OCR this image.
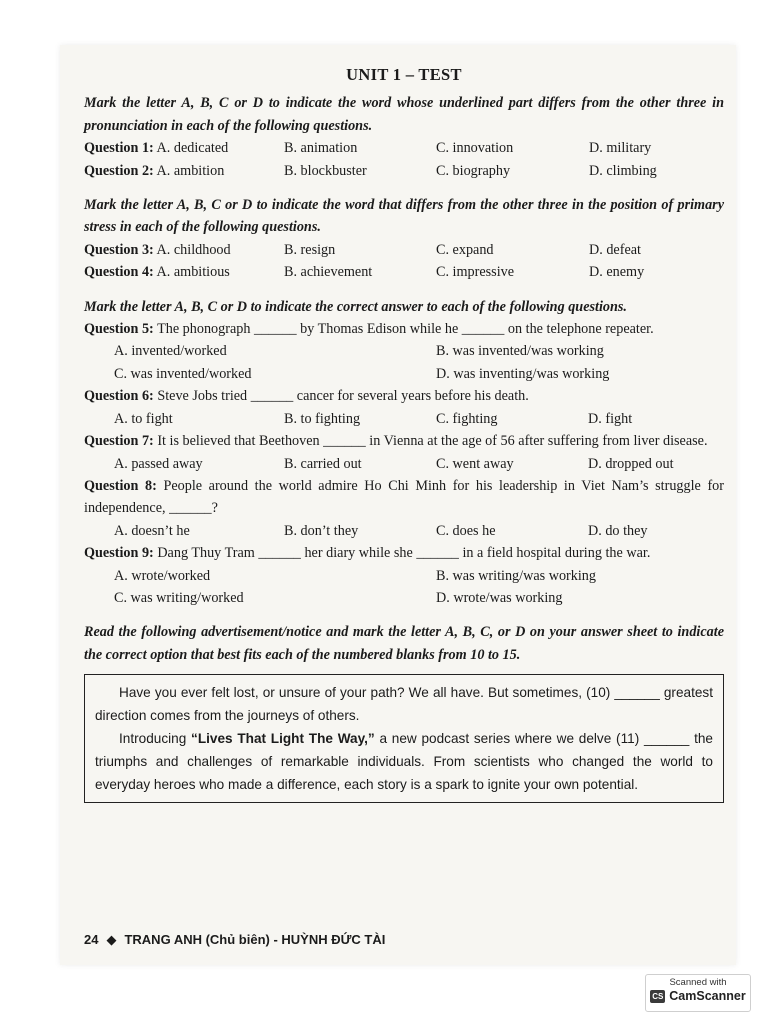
UNIT 1 – TEST

Mark the letter A, B, C or D to indicate the word whose underlined part differs from the other three in pronunciation in each of the following questions.

Question 1: A. dedicated	B. animation	C. innovation	D. military
Question 2: A. ambition	B. blockbuster	C. biography	D. climbing

Mark the letter A, B, C or D to indicate the word that differs from the other three in the position of primary stress in each of the following questions.

Question 3: A. childhood	B. resign	C. expand	D. defeat
Question 4: A. ambitious	B. achievement	C. impressive	D. enemy

Mark the letter A, B, C or D to indicate the correct answer to each of the following questions.

Question 5: The phonograph ______ by Thomas Edison while he ______ on the telephone repeater.
A. invented/worked	B. was invented/was working
C. was invented/worked	D. was inventing/was working
Question 6: Steve Jobs tried ______ cancer for several years before his death.
A. to fight	B. to fighting	C. fighting	D. fight
Question 7: It is believed that Beethoven ______ in Vienna at the age of 56 after suffering from liver disease.
A. passed away	B. carried out	C. went away	D. dropped out
Question 8: People around the world admire Ho Chi Minh for his leadership in Viet Nam’s struggle for independence, ______?
A. doesn’t he	B. don’t they	C. does he	D. do they
Question 9: Dang Thuy Tram ______ her diary while she ______ in a field hospital during the war.
A. wrote/worked	B. was writing/was working
C. was writing/worked	D. wrote/was working

Read the following advertisement/notice and mark the letter A, B, C, or D on your answer sheet to indicate the correct option that best fits each of the numbered blanks from 10 to 15.

Have you ever felt lost, or unsure of your path? We all have. But sometimes, (10) ______ greatest direction comes from the journeys of others.

Introducing “Lives That Light The Way,” a new podcast series where we delve (11) ______ the triumphs and challenges of remarkable individuals. From scientists who changed the world to everyday heroes who made a difference, each story is a spark to ignite your own potential.

24 ◆ TRANG ANH (Chủ biên) - HUỲNH ĐỨC TÀI
Scanned with
CS CamScanner
